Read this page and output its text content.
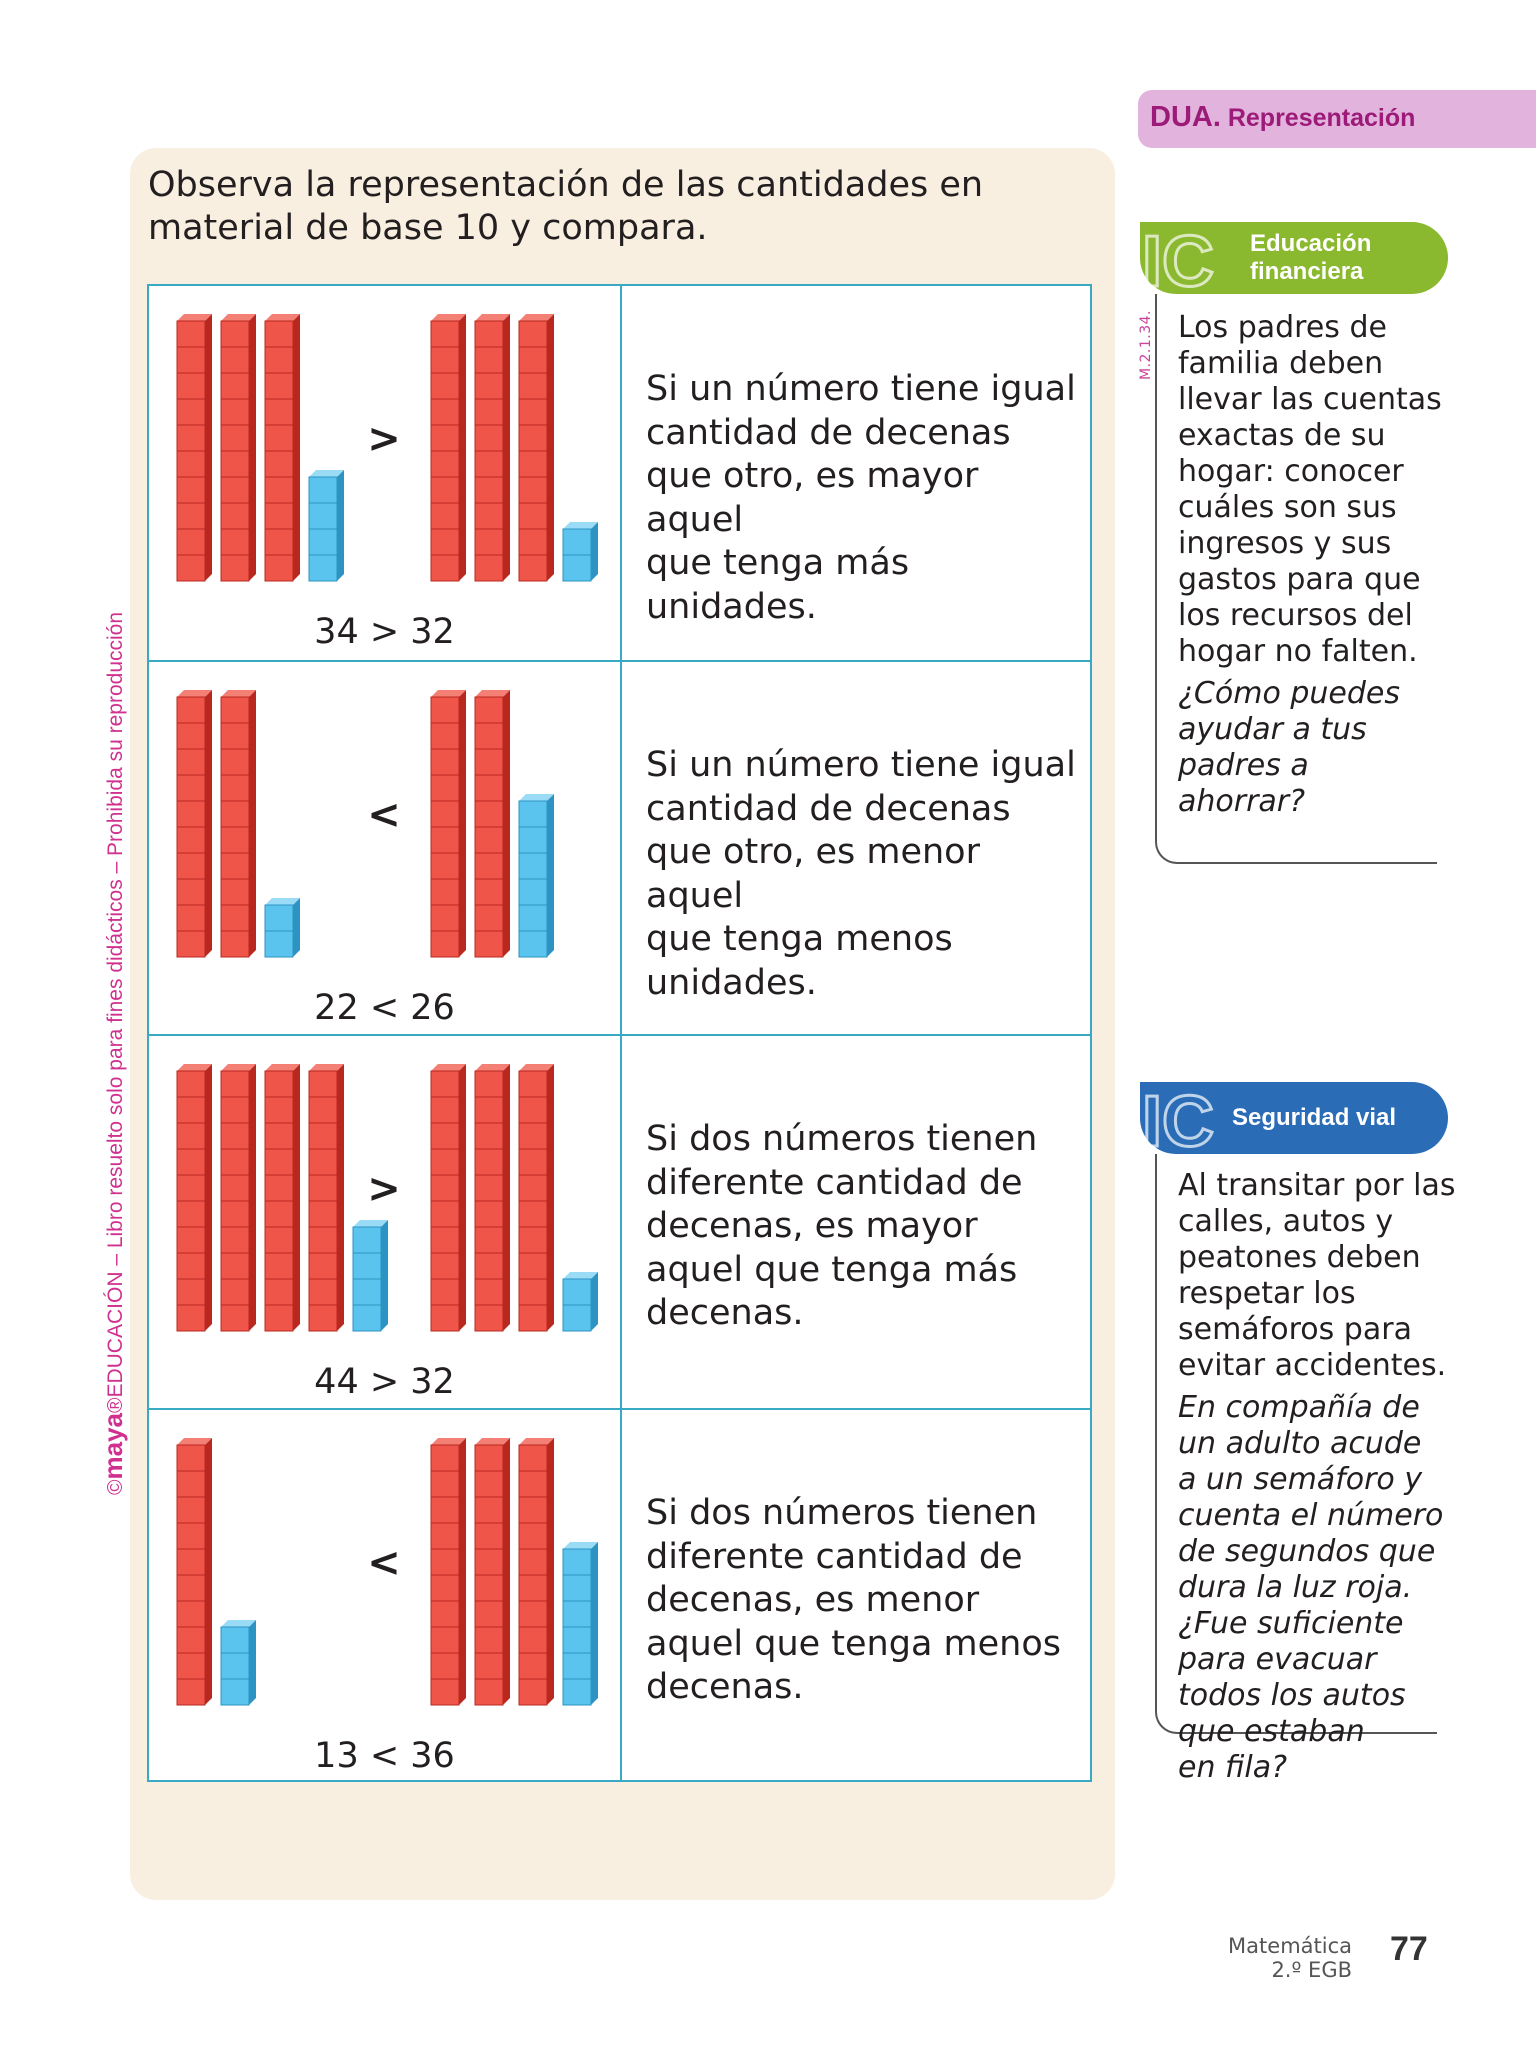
DUA. Representación
Observa la representación de las cantidades en material de base 10 y compara.
>
34 > 32
Si un número tiene igual
cantidad de decenas
que otro, es mayor aquel
que tenga más
unidades.
<
22 < 26
Si un número tiene igual
cantidad de decenas
que otro, es menor aquel
que tenga menos
unidades.
>
44 > 32
Si dos números tienen
diferente cantidad de
decenas, es mayor
aquel que tenga más
decenas.
<
13 < 36
Si dos números tienen
diferente cantidad de
decenas, es menor
aquel que tenga menos
decenas.
M.2.1.34.
IC Educación
financiera
Los padres de
familia deben
llevar las cuentas
exactas de su
hogar: conocer
cuáles son sus
ingresos y sus
gastos para que
los recursos del
hogar no falten.
¿Cómo puedes
ayudar a tus
padres a
ahorrar?
IC Seguridad vial
Al transitar por las
calles, autos y
peatones deben
respetar los
semáforos para
evitar accidentes.
En compañía de
un adulto acude
a un semáforo y
cuenta el número
de segundos que
dura la luz roja.
¿Fue suficiente
para evacuar
todos los autos
que estaban
en fila?
©maya®EDUCACIÓN – Libro resuelto solo para fines didácticos – Prohibida su reproducción
Matemática
2.º EGB
77
